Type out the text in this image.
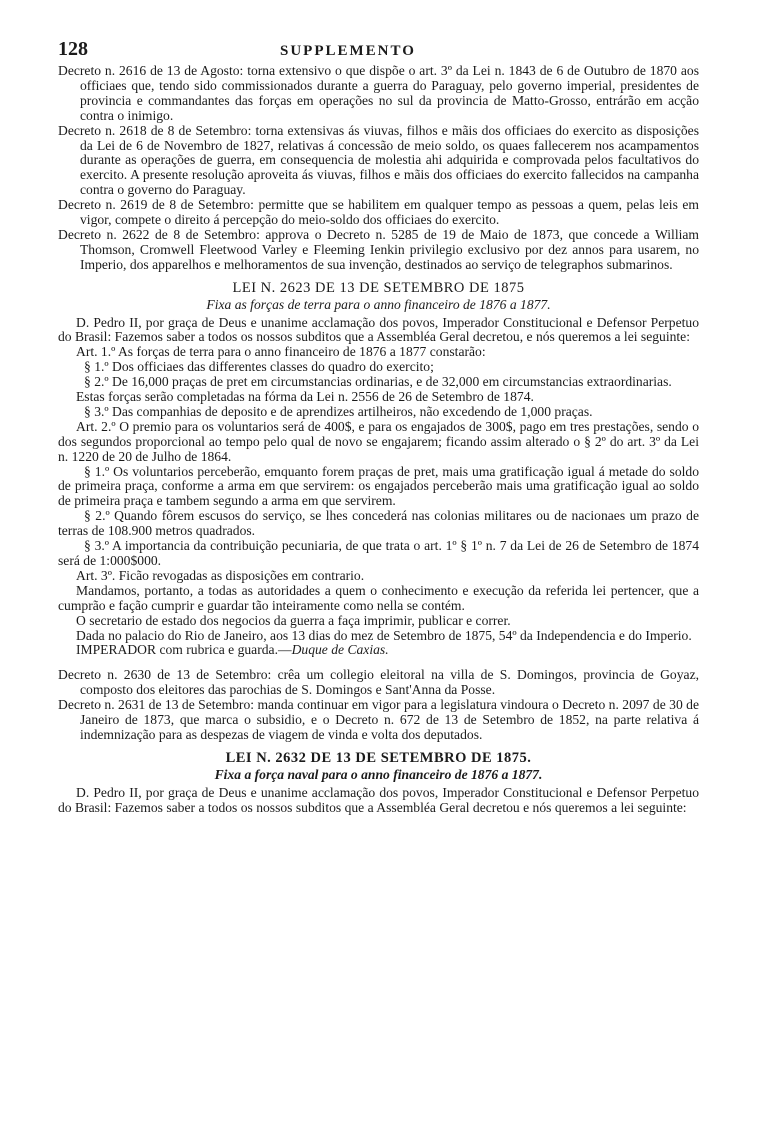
128	SUPPLEMENTO

Decreto n. 2616 de 13 de Agosto: torna extensivo o que dispõe o art. 3º da Lei n. 1843 de 6 de Outubro de 1870 aos officiaes que, tendo sido commissionados durante a guerra do Paraguay, pelo governo imperial, presidentes de provincia e commandantes das forças em operações no sul da provincia de Matto-Grosso, entrárão em acção contra o inimigo.

Decreto n. 2618 de 8 de Setembro: torna extensivas ás viuvas, filhos e mãis dos officiaes do exercito as disposições da Lei de 6 de Novembro de 1827, relativas á concessão de meio soldo, os quaes fallecerem nos acampamentos durante as operações de guerra, em consequencia de molestia ahi adquirida e comprovada pelos facultativos do exercito. A presente resolução aproveita ás viuvas, filhos e mãis dos officiaes do exercito fallecidos na campanha contra o governo do Paraguay.

Decreto n. 2619 de 8 de Setembro: permitte que se habilitem em qualquer tempo as pessoas a quem, pelas leis em vigor, compete o direito á percepção do meio-soldo dos officiaes do exercito.

Decreto n. 2622 de 8 de Setembro: approva o Decreto n. 5285 de 19 de Maio de 1873, que concede a William Thomson, Cromwell Fleetwood Varley e Fleeming Ienkin privilegio exclusivo por dez annos para usarem, no Imperio, dos apparelhos e melhoramentos de sua invenção, destinados ao serviço de telegraphos submarinos.

LEI N. 2623 DE 13 DE SETEMBRO DE 1875
Fixa as forças de terra para o anno financeiro de 1876 a 1877.

D. Pedro II, por graça de Deus e unanime acclamação dos povos, Imperador Constitucional e Defensor Perpetuo do Brasil: Fazemos saber a todos os nossos subditos que a Assembléa Geral decretou, e nós queremos a lei seguinte:

Art. 1.º As forças de terra para o anno financeiro de 1876 a 1877 constarão:

§ 1.º Dos officiaes das differentes classes do quadro do exercito;

§ 2.º De 16,000 praças de pret em circumstancias ordinarias, e de 32,000 em circumstancias extraordinarias.

Estas forças serão completadas na fórma da Lei n. 2556 de 26 de Setembro de 1874.

§ 3.º Das companhias de deposito e de aprendizes artilheiros, não excedendo de 1,000 praças.

Art. 2.º O premio para os voluntarios será de 400$, e para os engajados de 300$, pago em tres prestações, sendo o dos segundos proporcional ao tempo pelo qual de novo se engajarem; ficando assim alterado o § 2º do art. 3º da Lei n. 1220 de 20 de Julho de 1864.

§ 1.º Os voluntarios perceberão, emquanto forem praças de pret, mais uma gratificação igual á metade do soldo de primeira praça, conforme a arma em que servirem: os engajados perceberão mais uma gratificação igual ao soldo de primeira praça e tambem segundo a arma em que servirem.

§ 2.º Quando fôrem escusos do serviço, se lhes concederá nas colonias militares ou de nacionaes um prazo de terras de 108.900 metros quadrados.

§ 3.º A importancia da contribuição pecuniaria, de que trata o art. 1º § 1º n. 7 da Lei de 26 de Setembro de 1874 será de 1:000$000.

Art. 3º. Ficão revogadas as disposições em contrario.

Mandamos, portanto, a todas as autoridades a quem o conhecimento e execução da referida lei pertencer, que a cumprão e fação cumprir e guardar tão inteiramente como nella se contém.

O secretario de estado dos negocios da guerra a faça imprimir, publicar e correr.

Dada no palacio do Rio de Janeiro, aos 13 dias do mez de Setembro de 1875, 54º da Independencia e do Imperio.

IMPERADOR com rubrica e guarda.—Duque de Caxias.

Decreto n. 2630 de 13 de Setembro: crêa um collegio eleitoral na villa de S. Domingos, provincia de Goyaz, composto dos eleitores das parochias de S. Domingos e Sant'Anna da Posse.

Decreto n. 2631 de 13 de Setembro: manda continuar em vigor para a legislatura vindoura o Decreto n. 2097 de 30 de Janeiro de 1873, que marca o subsidio, e o Decreto n. 672 de 13 de Setembro de 1852, na parte relativa á indemnização para as despezas de viagem de vinda e volta dos deputados.

LEI N. 2632 DE 13 DE SETEMBRO DE 1875.
Fixa a força naval para o anno financeiro de 1876 a 1877.

D. Pedro II, por graça de Deus e unanime acclamação dos povos, Imperador Constitucional e Defensor Perpetuo do Brasil: Fazemos saber a todos os nossos subditos que a Assembléa Geral decretou e nós queremos a lei seguinte:
